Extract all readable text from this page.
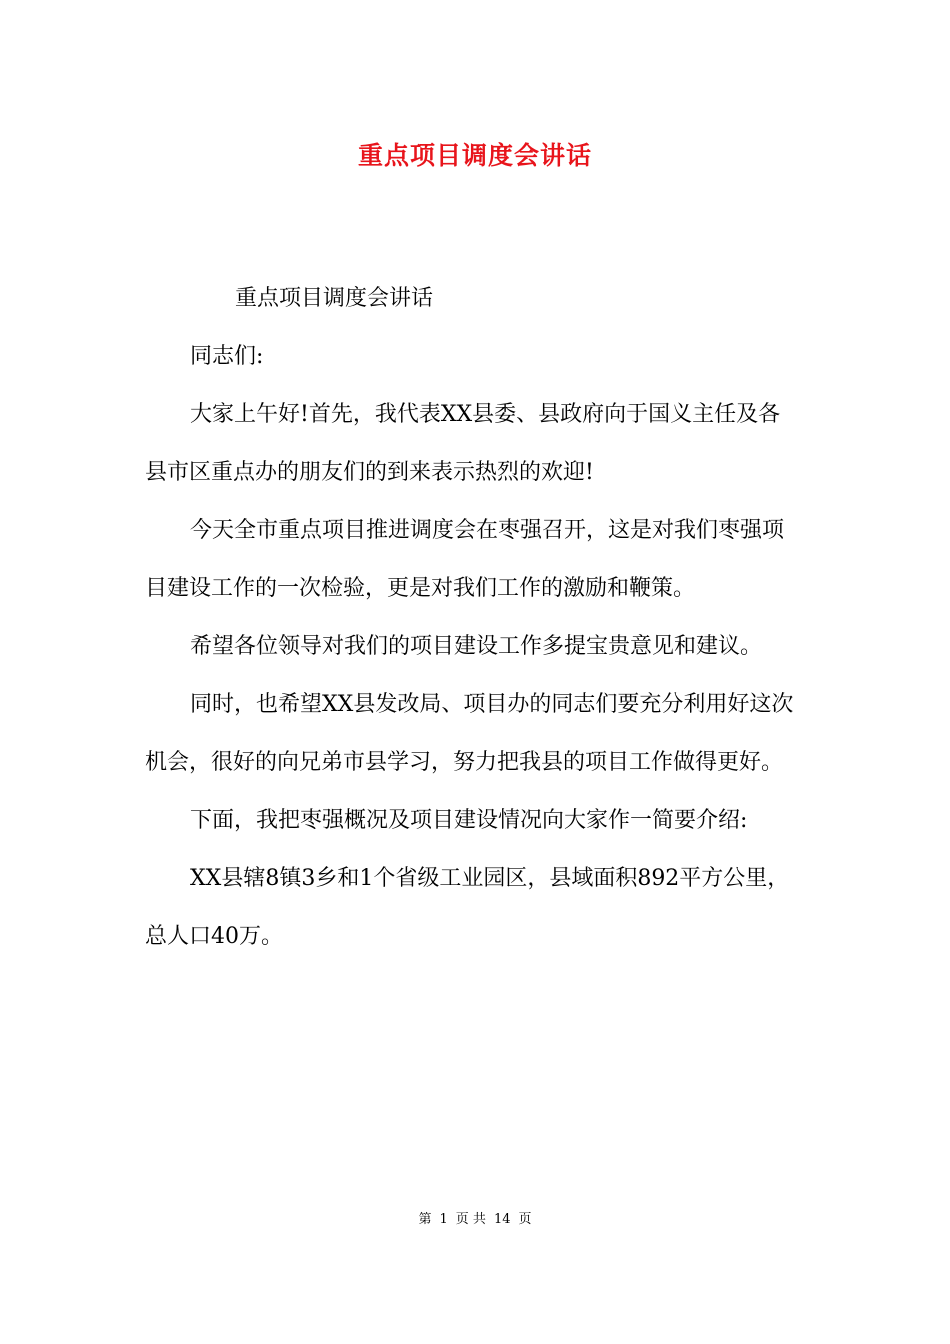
重点项目调度会讲话

重点项目调度会讲话

同志们:

大家上午好!首先，我代表XX县委、县政府向于国义主任及各
县市区重点办的朋友们的到来表示热烈的欢迎!

今天全市重点项目推进调度会在枣强召开，这是对我们枣强项
目建设工作的一次检验，更是对我们工作的激励和鞭策。

希望各位领导对我们的项目建设工作多提宝贵意见和建议。

同时，也希望XX县发改局、项目办的同志们要充分利用好这次
机会，很好的向兄弟市县学习，努力把我县的项目工作做得更好。

下面，我把枣强概况及项目建设情况向大家作一简要介绍:

XX县辖8镇3乡和1个省级工业园区，县域面积892平方公里，
总人口40万。

第 1 页 共 14 页
